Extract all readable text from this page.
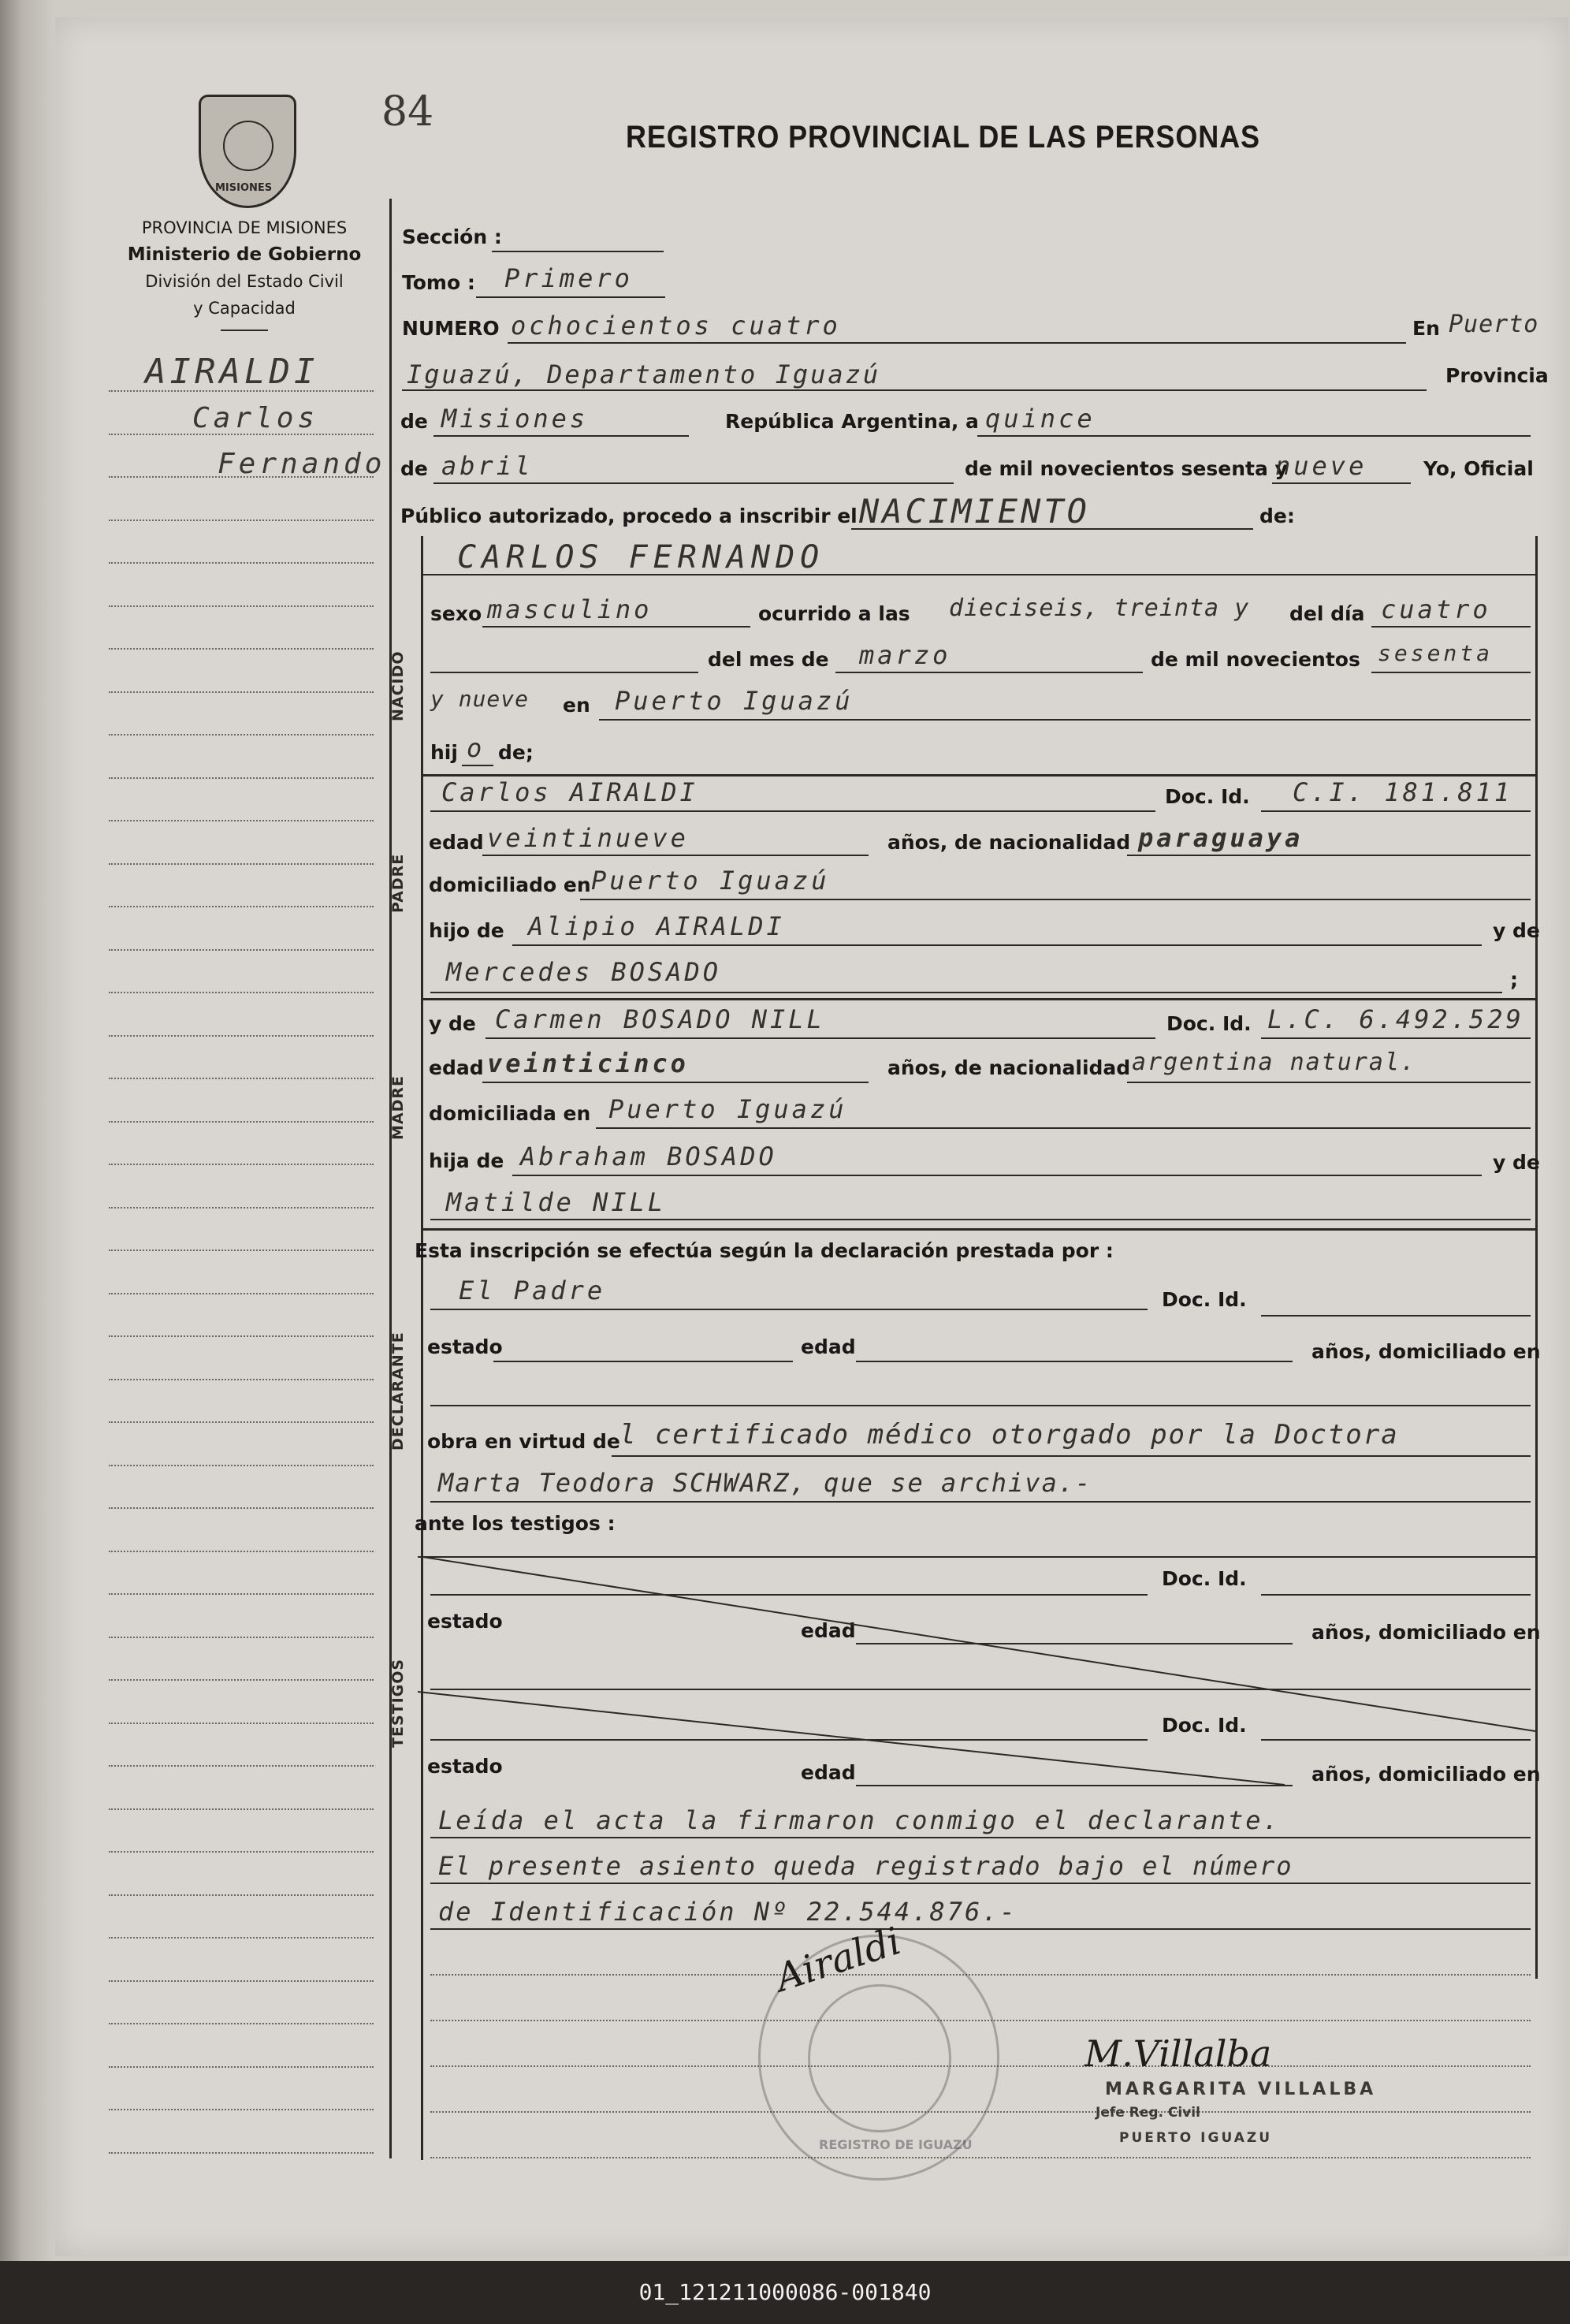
MISIONES
84
REGISTRO PROVINCIAL DE LAS PERSONAS
PROVINCIA DE MISIONES
Ministerio de Gobierno
División del Estado Civil
y Capacidad
AIRALDI
Carlos
Fernando
Sección :
Tomo : Primero
NUMERO ochocientos cuatro	En Puerto
Iguazú, Departamento Iguazú	Provincia
de Misiones	República Argentina, a quince
de abril	de mil novecientos sesenta y
nueve	Yo, Oficial
Público autorizado, procedo a inscribir el NACIMIENTO	de:
NACIDO
CARLOS FERNANDO
sexo masculino	ocurrido a las dieciseis, treinta y del día cuatro
del mes de marzo	de mil novecientos sesenta
y nueve en Puerto Iguazú
hij o de;
PADRE
Carlos AIRALDI	Doc. Id. C.I. 181.811
edad veintinueve	años, de nacionalidad paraguaya
domiciliado en Puerto Iguazú
hijo de Alipio AIRALDI	y de
Mercedes BOSADO	;
MADRE
y de Carmen BOSADO NILL	Doc. Id. L.C. 6.492.529
edad veinticinco	años, de nacionalidad argentina natural.
domiciliada en Puerto Iguazú
hija de Abraham BOSADO	y de
Matilde NILL
Esta inscripción se efectúa según la declaración prestada por :
DECLARANTE
El Padre	Doc. Id.
estado	edad	años, domiciliado en
obra en virtud de l certificado médico otorgado por la Doctora
Marta Teodora SCHWARZ, que se archiva.-
ante los testigos :
TESTIGOS
Doc. Id.
estado	edad	años, domiciliado en
Doc. Id.
estado	edad	años, domiciliado en
Leída el acta la firmaron conmigo el declarante.
El presente asiento queda registrado bajo el número
de Identificación Nº 22.544.876.-
REGISTRO DE IGUAZU
Airaldi
M.Villalba
MARGARITA VILLALBA
Jefe Reg. Civil
PUERTO IGUAZU
01_121211000086-001840
